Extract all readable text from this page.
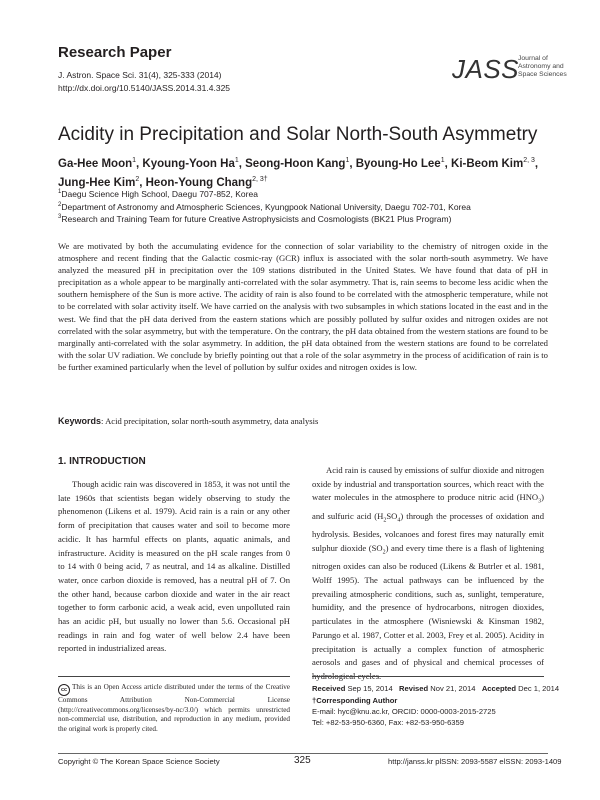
Research Paper
J. Astron. Space Sci. 31(4), 325-333 (2014)
http://dx.doi.org/10.5140/JASS.2014.31.4.325
JASS
Journal of Astronomy and Space Sciences
Acidity in Precipitation and Solar North-South Asymmetry
Ga-Hee Moon$^1$, Kyoung-Yoon Ha$^1$, Seong-Hoon Kang$^1$, Byoung-Ho Lee$^1$, Ki-Beom Kim$^{2, 3}$, Jung-Hee Kim$^2$, Heon-Young Chang$^{2, 3\dagger}$
$^1$Daegu Science High School, Daegu 707-852, Korea
$^2$Department of Astronomy and Atmospheric Sciences, Kyungpook National University, Daegu 702-701, Korea
$^3$Research and Training Team for future Creative Astrophysicists and Cosmologists (BK21 Plus Program)
We are motivated by both the accumulating evidence for the connection of solar variability to the chemistry of nitrogen oxide in the atmosphere and recent finding that the Galactic cosmic-ray (GCR) influx is associated with the solar north-south asymmetry. We have analyzed the measured pH in precipitation over the 109 stations distributed in the United States. We have found that data of pH in precipitation as a whole appear to be marginally anti-correlated with the solar asymmetry. That is, rain seems to become less acidic when the southern hemisphere of the Sun is more active. The acidity of rain is also found to be correlated with the atmospheric temperature, while not to be correlated with solar activity itself. We have carried on the analysis with two subsamples in which stations located in the east and in the west. We find that the pH data derived from the eastern stations which are possibly polluted by sulfur oxides and nitrogen oxides are not correlated with the solar asymmetry, but with the temperature. On the contrary, the pH data obtained from the western stations are found to be marginally anti-correlated with the solar asymmetry. In addition, the pH data obtained from the western stations are found to be correlated with the solar UV radiation. We conclude by briefly pointing out that a role of the solar asymmetry in the process of acidification of rain is to be further examined particularly when the level of pollution by sulfur oxides and nitrogen oxides is low.
Keywords: Acid precipitation, solar north-south asymmetry, data analysis
1. INTRODUCTION
Though acidic rain was discovered in 1853, it was not until the late 1960s that scientists began widely observing to study the phenomenon (Likens et al. 1979). Acid rain is a rain or any other form of precipitation that causes water and soil to become more acidic. It has harmful effects on plants, aquatic animals, and infrastructure. Acidity is measured on the pH scale ranges from 0 to 14 with 0 being acid, 7 as neutral, and 14 as alkaline. Distilled water, once carbon dioxide is removed, has a neutral pH of 7. On the other hand, because carbon dioxide and water in the air react together to form carbonic acid, a weak acid, even unpolluted rain has an acidic pH, but usually no lower than 5.6. Occasional pH readings in rain and fog water of well below 2.4 have been reported in industrialized areas.
Acid rain is caused by emissions of sulfur dioxide and nitrogen oxide by industrial and transportation sources, which react with the water molecules in the atmosphere to produce nitric acid $(HNO_3)$ and sulfuric acid $(H_2SO_4)$ through the processes of oxidation and hydrolysis. Besides, volcanoes and forest fires may naturally emit sulphur dioxide $(SO_2)$ and every time there is a flash of lightening nitrogen oxides can also be roduced (Likens & Butrler et al. 1981, Wolff 1995). The actual pathways can be influenced by the prevailing atmospheric conditions, such as, sunlight, temperature, humidity, and the presence of hydrocarbons, nitrogen dioxides, particulates in the atmosphere (Wisniewski & Kinsman 1982, Parungo et al. 1987, Cotter et al. 2003, Frey et al. 2005). Acidity in precipitation is actually a complex function of atmospheric aerosols and gases and of physical and chemical processes of hydrological cycles.
cc This is an Open Access article distributed under the terms of the Creative Commons Attribution Non-Commercial License (http://creativecommons.org/licenses/by-nc/3.0/) which permits unrestricted non-commercial use, distribution, and reproduction in any medium, provided the original work is properly cited.
Received Sep 15, 2014 Revised Nov 21, 2014 Accepted Dec 1, 2014
†Corresponding Author
E-mail: hyc@knu.ac.kr, ORCID: 0000-0003-2015-2725
Tel: +82-53-950-6360, Fax: +82-53-950-6359
Copyright © The Korean Space Science Society	325	http://janss.kr plSSN: 2093-5587 elSSN: 2093-1409
